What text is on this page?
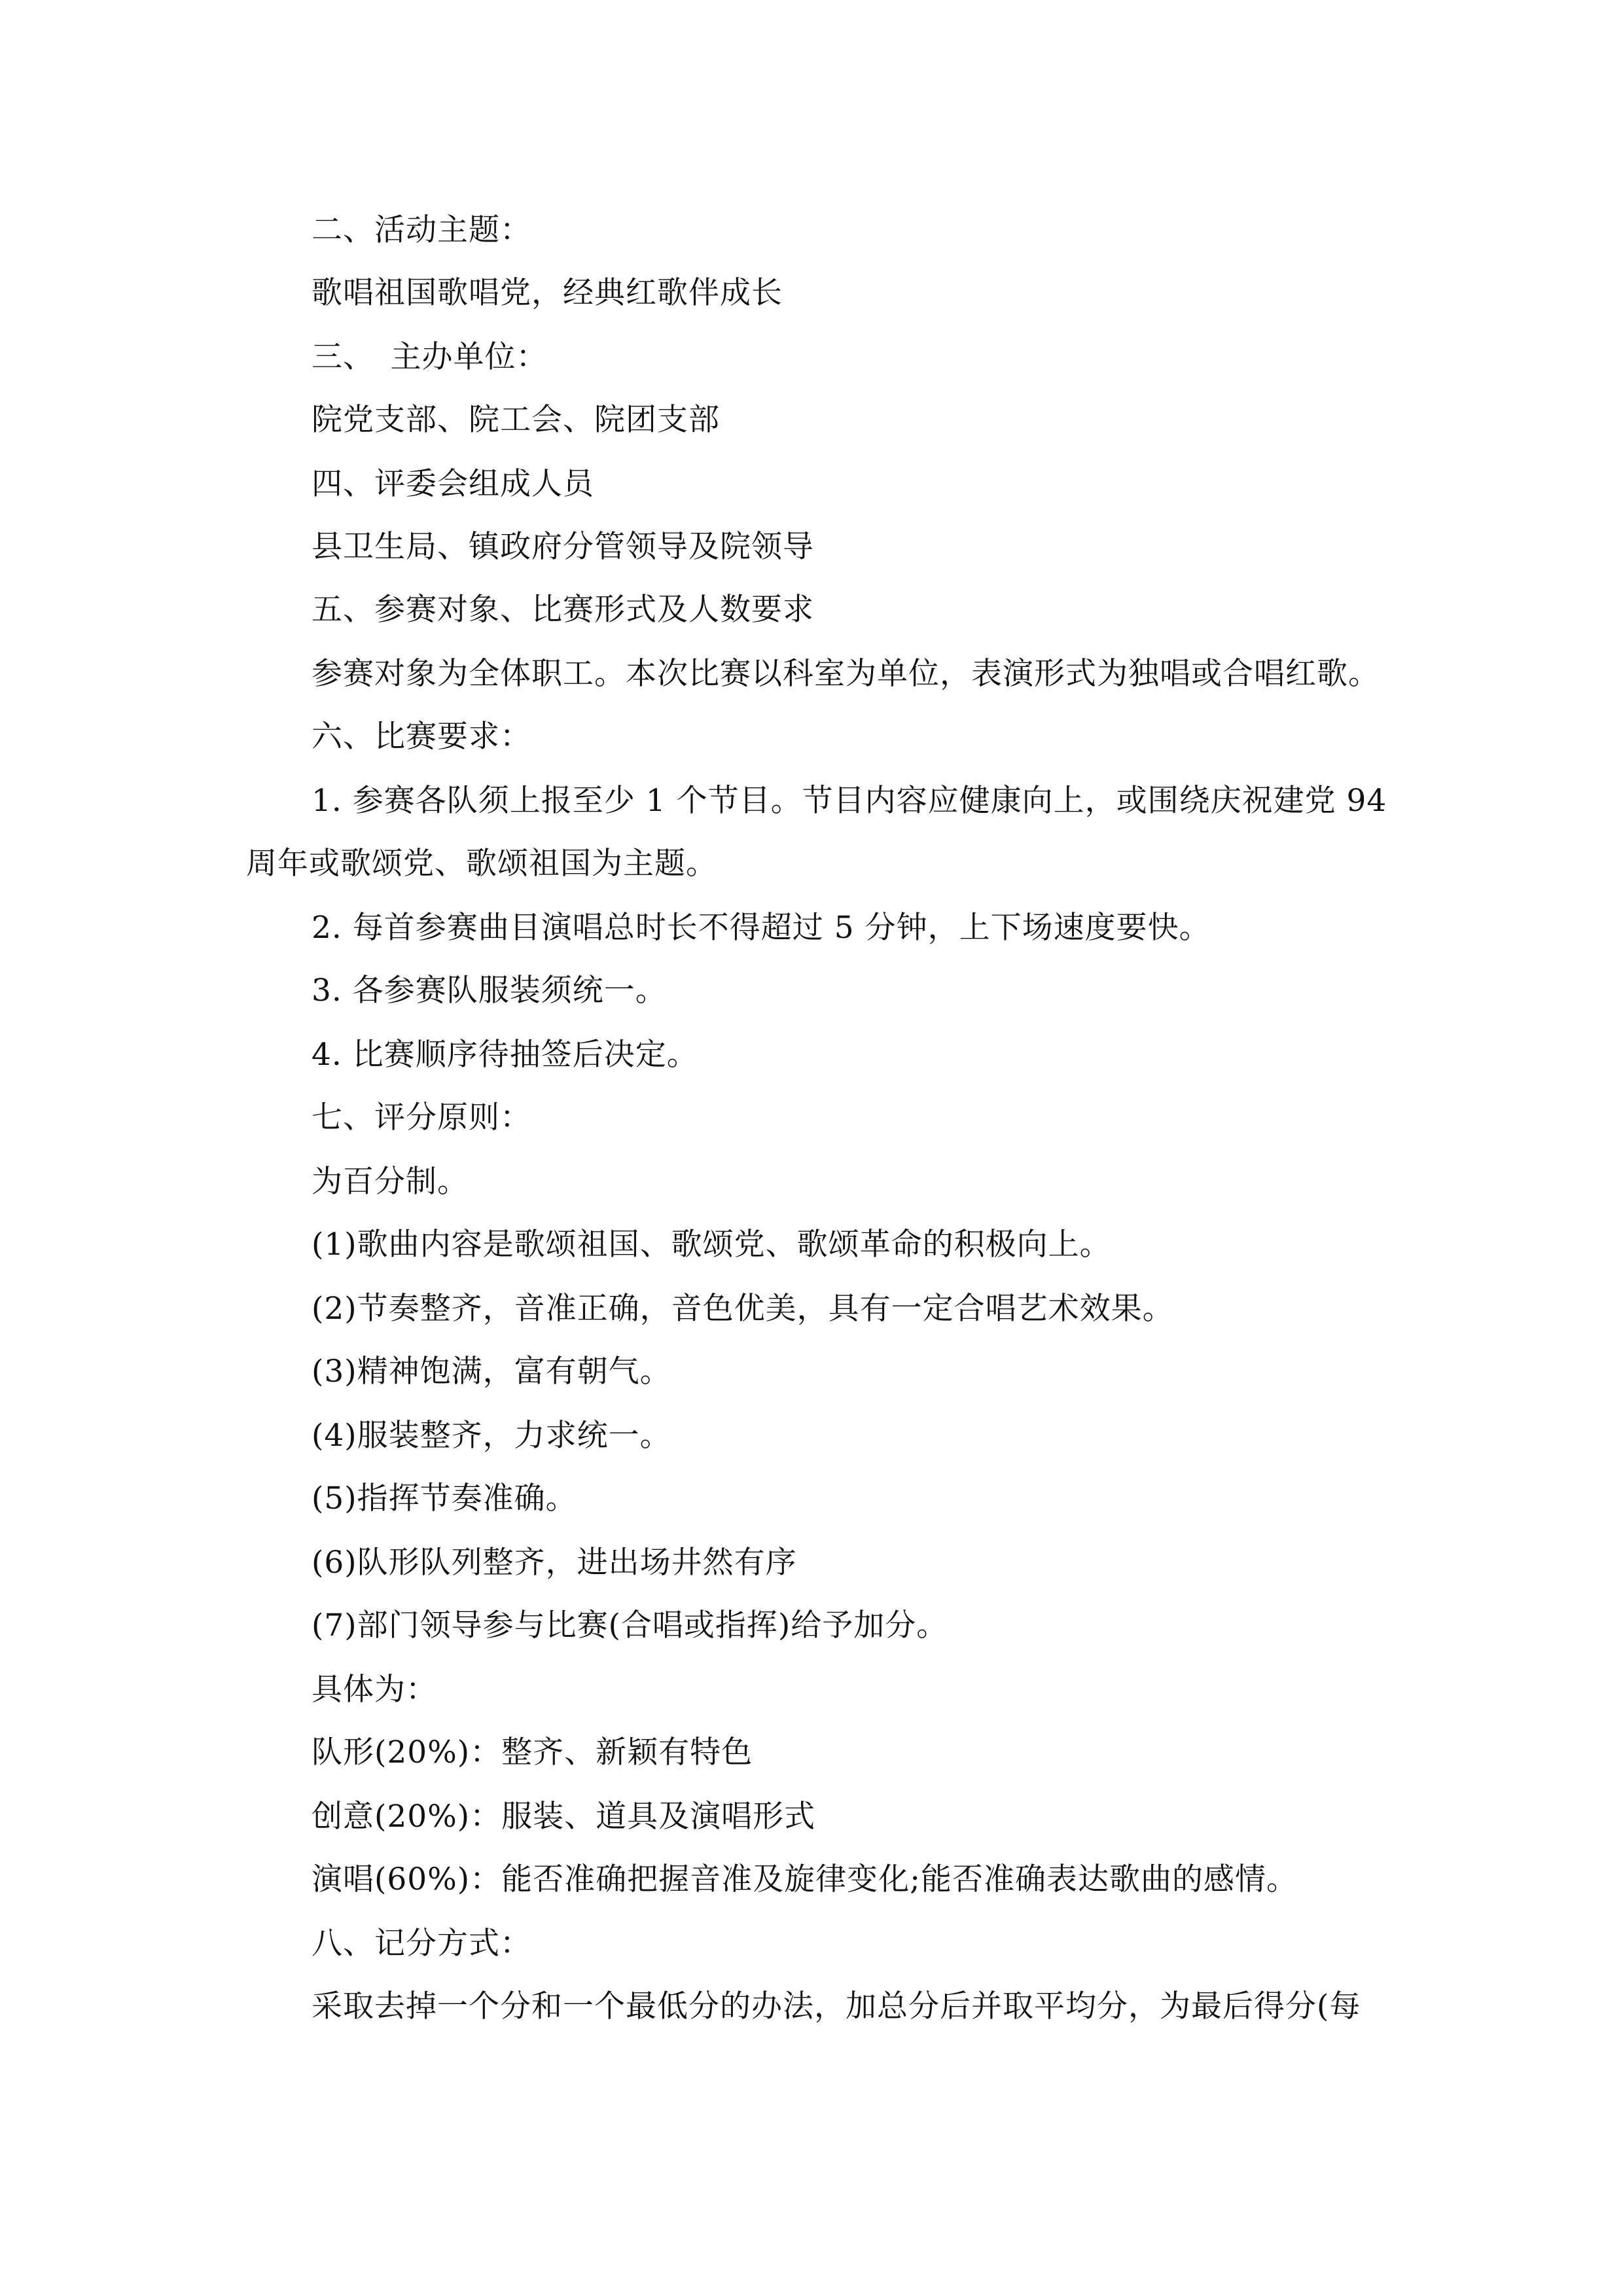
二、活动主题：
歌唱祖国歌唱党，经典红歌伴成长
三、　主办单位：
院党支部、院工会、院团支部
四、评委会组成人员
县卫生局、镇政府分管领导及院领导
五、参赛对象、比赛形式及人数要求
参赛对象为全体职工。本次比赛以科室为单位，表演形式为独唱或合唱红歌。
六、比赛要求：
1. 参赛各队须上报至少 1 个节目。节目内容应健康向上，或围绕庆祝建党 94
周年或歌颂党、歌颂祖国为主题。
2. 每首参赛曲目演唱总时长不得超过 5 分钟，上下场速度要快。
3. 各参赛队服装须统一。
4. 比赛顺序待抽签后决定。
七、评分原则：
为百分制。
(1)歌曲内容是歌颂祖国、歌颂党、歌颂革命的积极向上。
(2)节奏整齐，音准正确，音色优美，具有一定合唱艺术效果。
(3)精神饱满，富有朝气。
(4)服装整齐，力求统一。
(5)指挥节奏准确。
(6)队形队列整齐，进出场井然有序
(7)部门领导参与比赛(合唱或指挥)给予加分。
具体为：
队形(20%)：整齐、新颖有特色
创意(20%)：服装、道具及演唱形式
演唱(60%)：能否准确把握音准及旋律变化;能否准确表达歌曲的感情。
八、记分方式：
采取去掉一个分和一个最低分的办法，加总分后并取平均分，为最后得分(每
